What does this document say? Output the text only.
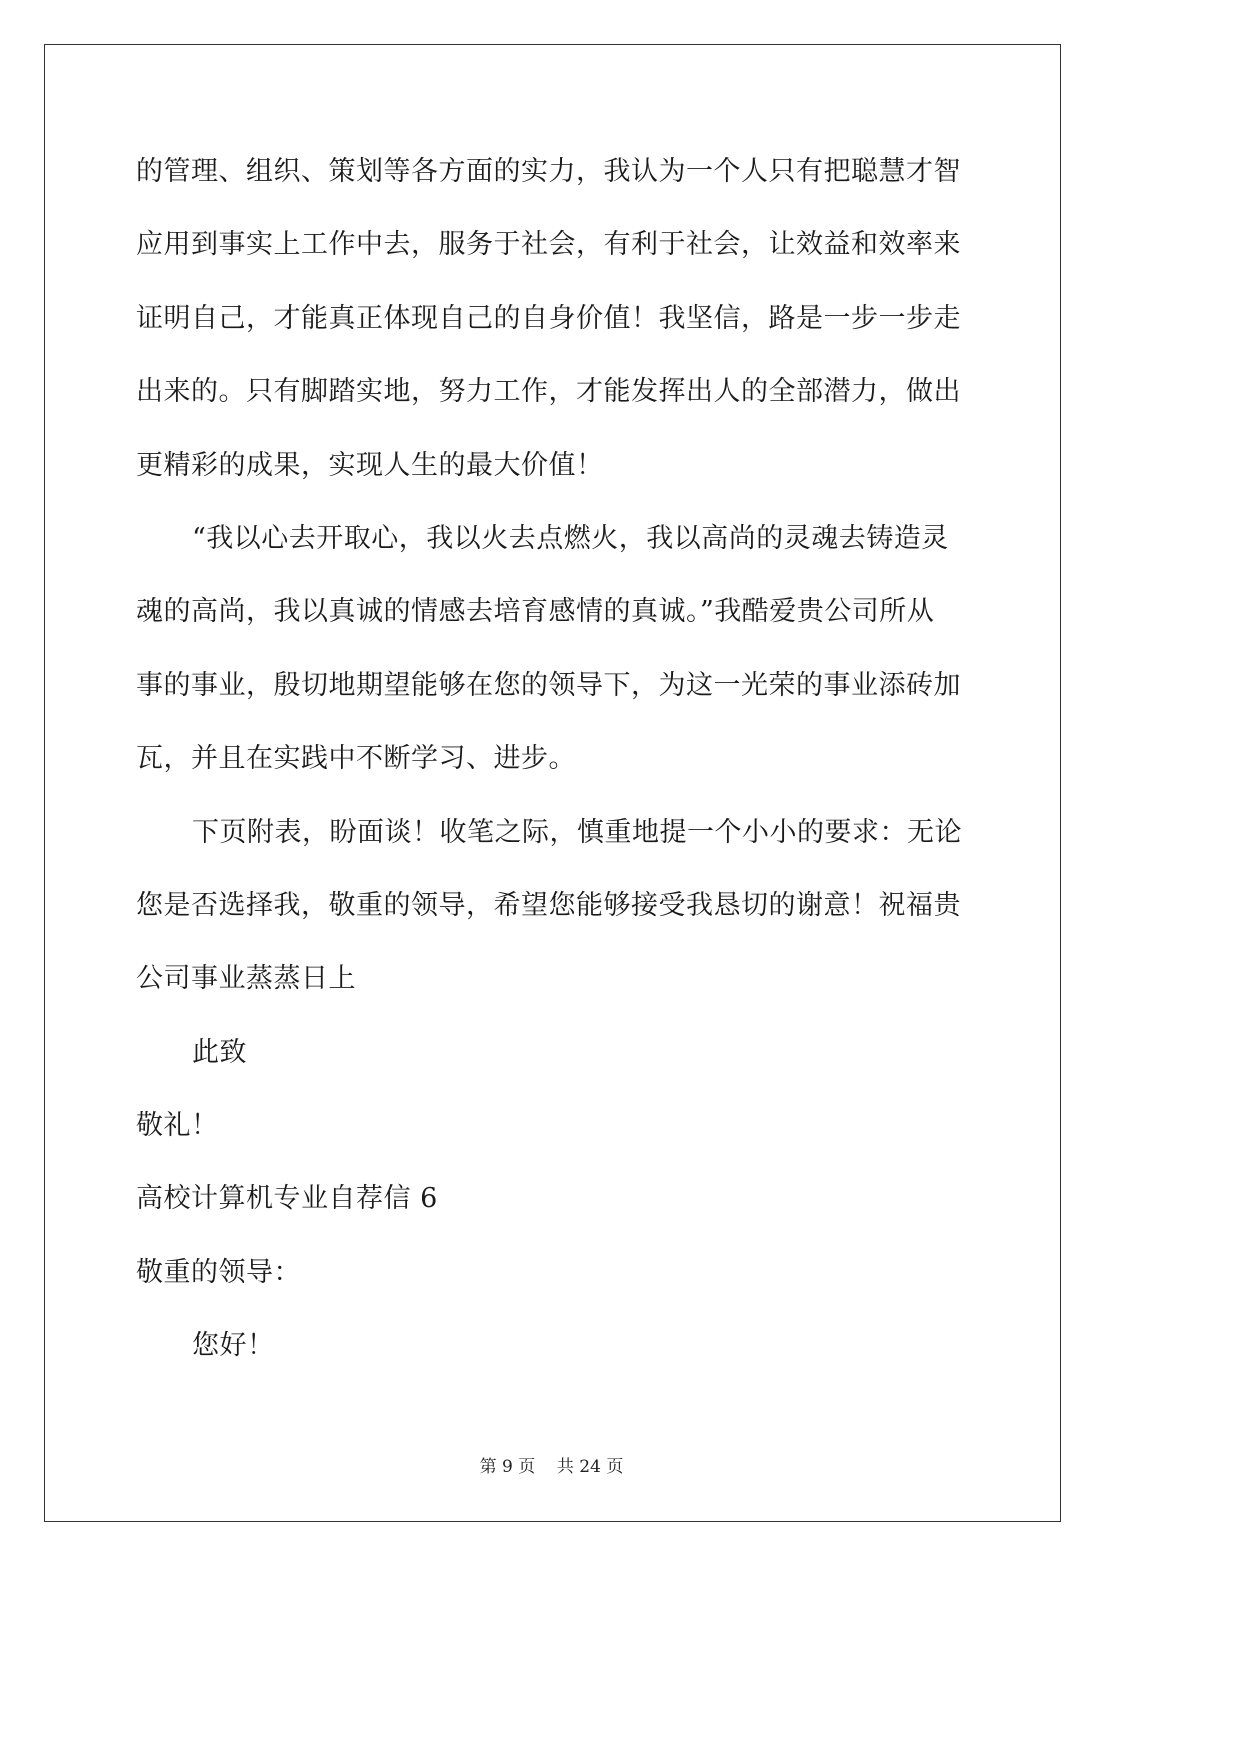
的管理、组织、策划等各方面的实力，我认为一个人只有把聪慧才智
应用到事实上工作中去，服务于社会，有利于社会，让效益和效率来
证明自己，才能真正体现自己的自身价值！我坚信，路是一步一步走
出来的。只有脚踏实地，努力工作，才能发挥出人的全部潜力，做出
更精彩的成果，实现人生的最大价值！
“我以心去开取心，我以火去点燃火，我以高尚的灵魂去铸造灵
魂的高尚，我以真诚的情感去培育感情的真诚。”我酷爱贵公司所从
事的事业，殷切地期望能够在您的领导下，为这一光荣的事业添砖加
瓦，并且在实践中不断学习、进步。
下页附表，盼面谈！收笔之际，慎重地提一个小小的要求：无论
您是否选择我，敬重的领导，希望您能够接受我恳切的谢意！祝福贵
公司事业蒸蒸日上
此致
敬礼！
高校计算机专业自荐信 6
敬重的领导：
您好！
第 9 页 共 24 页
